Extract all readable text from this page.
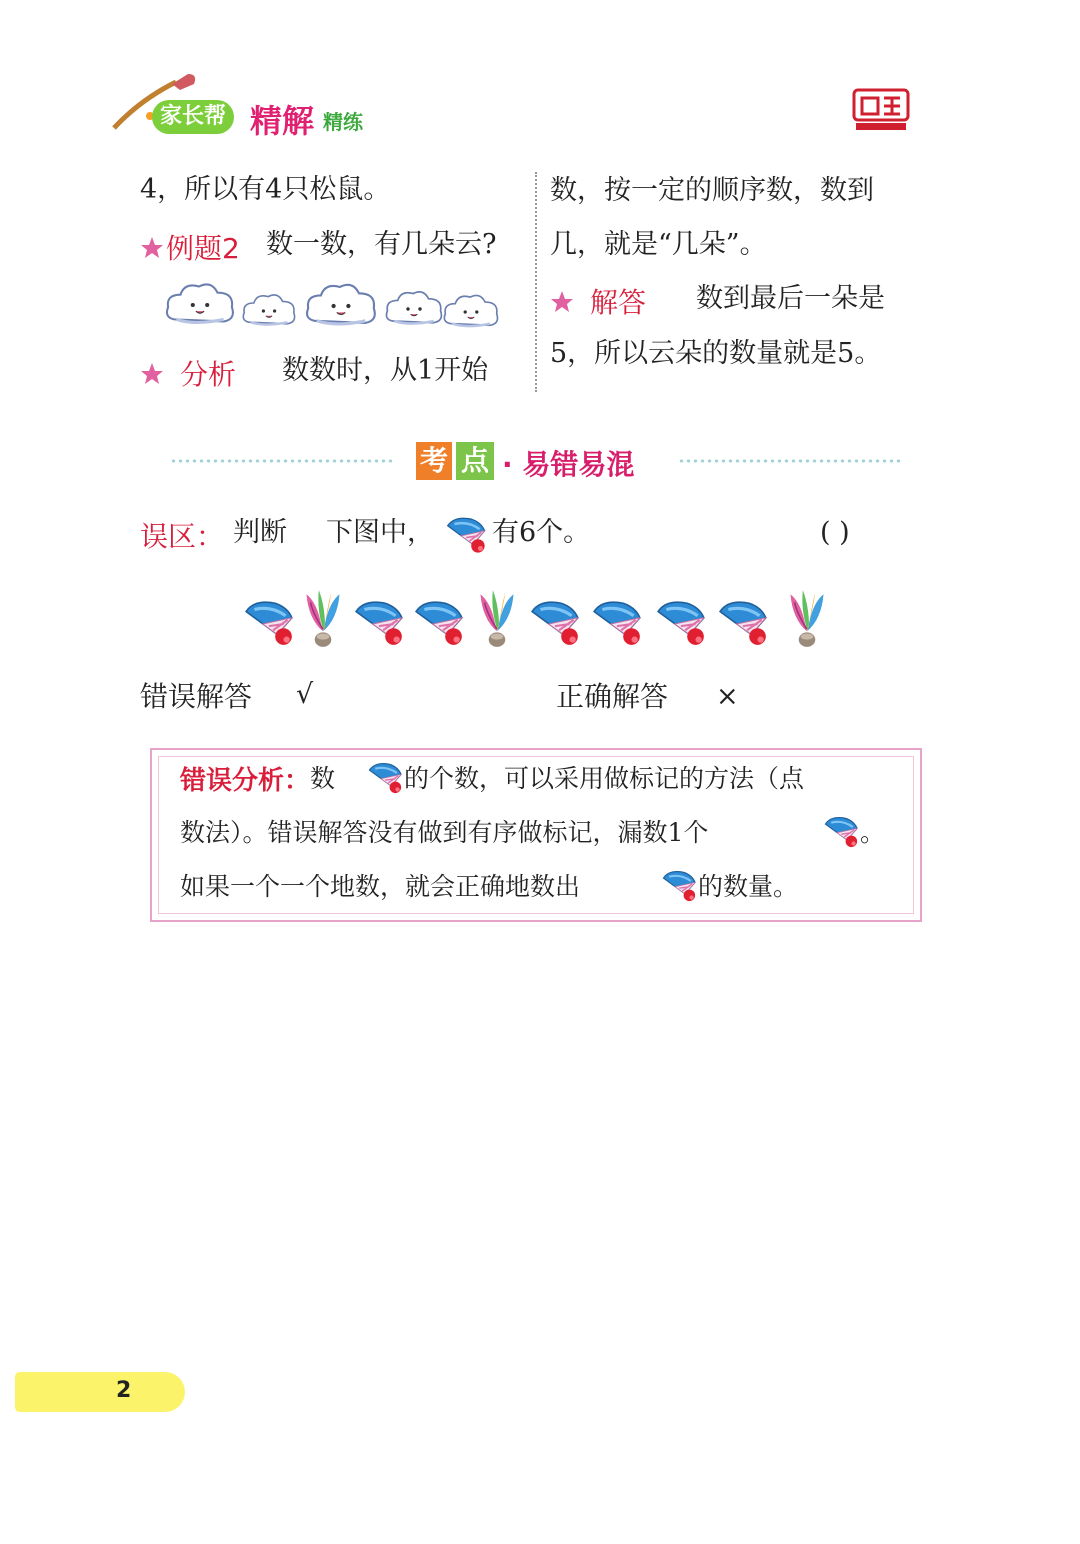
家长帮 精解 精练
4，所以有4只松鼠。
例题2 数一数，有几朵云?
分析 数数时，从1开始
数，按一定的顺序数，数到
几，就是“几朵”。
解答 数到最后一朵是
5，所以云朵的数量就是5。
考 点 · 易错易混
误区： 判断 下图中， 有6个。	( )
错误解答 √	正确解答 ×
错误分析： 数	的个数，可以采用做标记的方法（点
数法）。错误解答没有做到有序做标记，漏数1个	。
如果一个一个地数，就会正确地数出	的数量。
2
